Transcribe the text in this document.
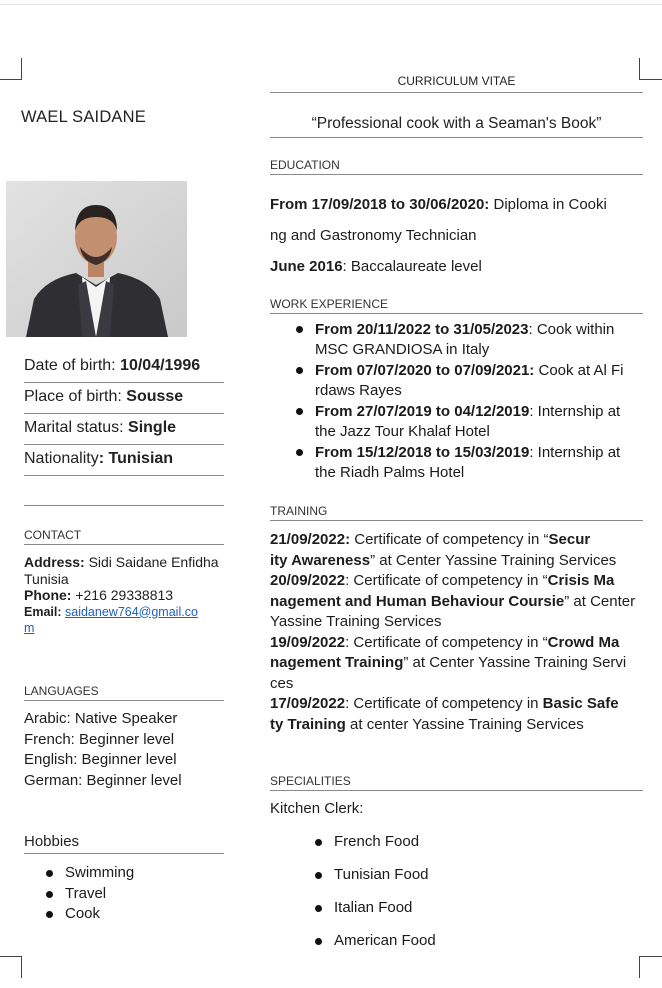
WAEL SAIDANE
Date of birth: 10/04/1996
Place of birth: Sousse
Marital status: Single
Nationality: Tunisian
CONTACT
Address: Sidi Saidane Enfidha
Tunisia
Phone: +216 29338813
Email: saidanew764@gmail.co
m
LANGUAGES
Arabic: Native Speaker
French: Beginner level
English: Beginner level
German: Beginner level
Hobbies
Swimming
Travel
Cook
CURRICULUM VITAE
“Professional cook with a Seaman's Book”
EDUCATION
From 17/09/2018 to 30/06/2020: Diploma in Cooki
ng and Gastronomy Technician
June 2016: Baccalaureate level
WORK EXPERIENCE
From 20/11/2022 to 31/05/2023: Cook within
MSC GRANDIOSA in Italy
From 07/07/2020 to 07/09/2021: Cook at Al Fi
rdaws Rayes
From 27/07/2019 to 04/12/2019: Internship at
the Jazz Tour Khalaf Hotel
From 15/12/2018 to 15/03/2019: Internship at
the Riadh Palms Hotel
TRAINING
21/09/2022: Certificate of competency in “Secur
ity Awareness” at Center Yassine Training Services
20/09/2022: Certificate of competency in “Crisis Ma
nagement and Human Behaviour Coursie” at Center
Yassine Training Services
19/09/2022: Certificate of competency in “Crowd Ma
nagement Training” at Center Yassine Training Servi
ces
17/09/2022: Certificate of competency in Basic Safe
ty Training at center Yassine Training Services
SPECIALITIES
Kitchen Clerk:
French Food
Tunisian Food
Italian Food
American Food
